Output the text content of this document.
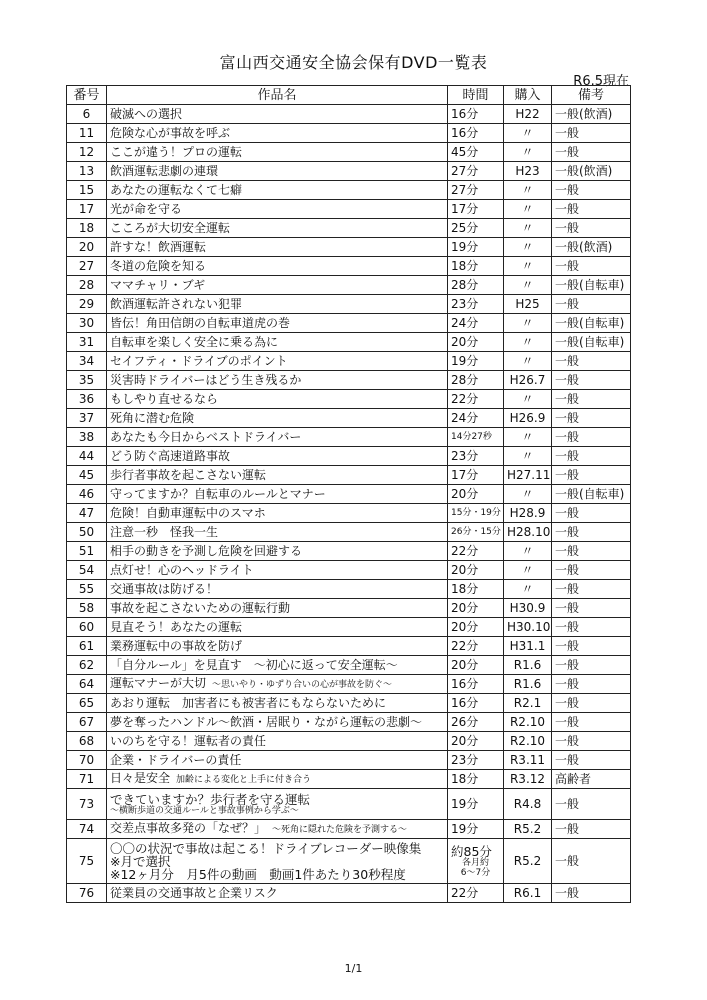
富山西交通安全協会保有DVD一覧表
R6.5現在
番号	作品名	時間	購入	備考
6	破滅への選択	16分	H22	一般(飲酒)
11	危険な心が事故を呼ぶ	16分	〃	一般
12	ここが違う！プロの運転	45分	〃	一般
13	飲酒運転悲劇の連環	27分	H23	一般(飲酒)
15	あなたの運転なくて七癖	27分	〃	一般
17	光が命を守る	17分	〃	一般
18	こころが大切安全運転	25分	〃	一般
20	許すな！飲酒運転	19分	〃	一般(飲酒)
27	冬道の危険を知る	18分	〃	一般
28	ママチャリ・ブギ	28分	〃	一般(自転車)
29	飲酒運転許されない犯罪	23分	H25	一般
30	皆伝！角田信朗の自転車道虎の巻	24分	〃	一般(自転車)
31	自転車を楽しく安全に乗る為に	20分	〃	一般(自転車)
34	セイフティ・ドライブのポイント	19分	〃	一般
35	災害時ドライバーはどう生き残るか	28分	H26.7	一般
36	もしやり直せるなら	22分	〃	一般
37	死角に潜む危険	24分	H26.9	一般
38	あなたも今日からベストドライバー	14分27秒	〃	一般
44	どう防ぐ高速道路事故	23分	〃	一般
45	歩行者事故を起こさない運転	17分	H27.11	一般
46	守ってますか？自転車のルールとマナー	20分	〃	一般(自転車)
47	危険！自動車運転中のスマホ	15分・19分	H28.9	一般
50	注意一秒　怪我一生	26分・15分	H28.10	一般
51	相手の動きを予測し危険を回避する	22分	〃	一般
54	点灯せ！心のヘッドライト	20分	〃	一般
55	交通事故は防げる！	18分	〃	一般
58	事故を起こさないための運転行動	20分	H30.9	一般
60	見直そう！あなたの運転	20分	H30.10	一般
61	業務運転中の事故を防げ	22分	H31.1	一般
62	「自分ルール」を見直す　～初心に返って安全運転～	20分	R1.6	一般
64	運転マナーが大切 ～思いやり・ゆずり合いの心が事故を防ぐ～	16分	R1.6	一般
65	あおり運転　加害者にも被害者にもならないために	16分	R2.1	一般
67	夢を奪ったハンドル～飲酒・居眠り・ながら運転の悲劇～	26分	R2.10	一般
68	いのちを守る！運転者の責任	20分	R2.10	一般
70	企業・ドライバーの責任	23分	R3.11	一般
71	日々是安全 加齢による変化と上手に付き合う	18分	R3.12	高齢者
73	できていますか？歩行者を守る運転
～横断歩道の交通ルールと事故事例から学ぶ～	19分	R4.8	一般
74	交差点事故多発の「なぜ？」 ～死角に隠れた危険を予測する～	19分	R5.2	一般
75	〇〇の状況で事故は起こる！ドライブレコーダー映像集
※月で選択
※12ヶ月分　月5件の動画　動画1件あたり30秒程度	約85分
各月約
6～7分	R5.2	一般
76	従業員の交通事故と企業リスク	22分	R6.1	一般
1/1
